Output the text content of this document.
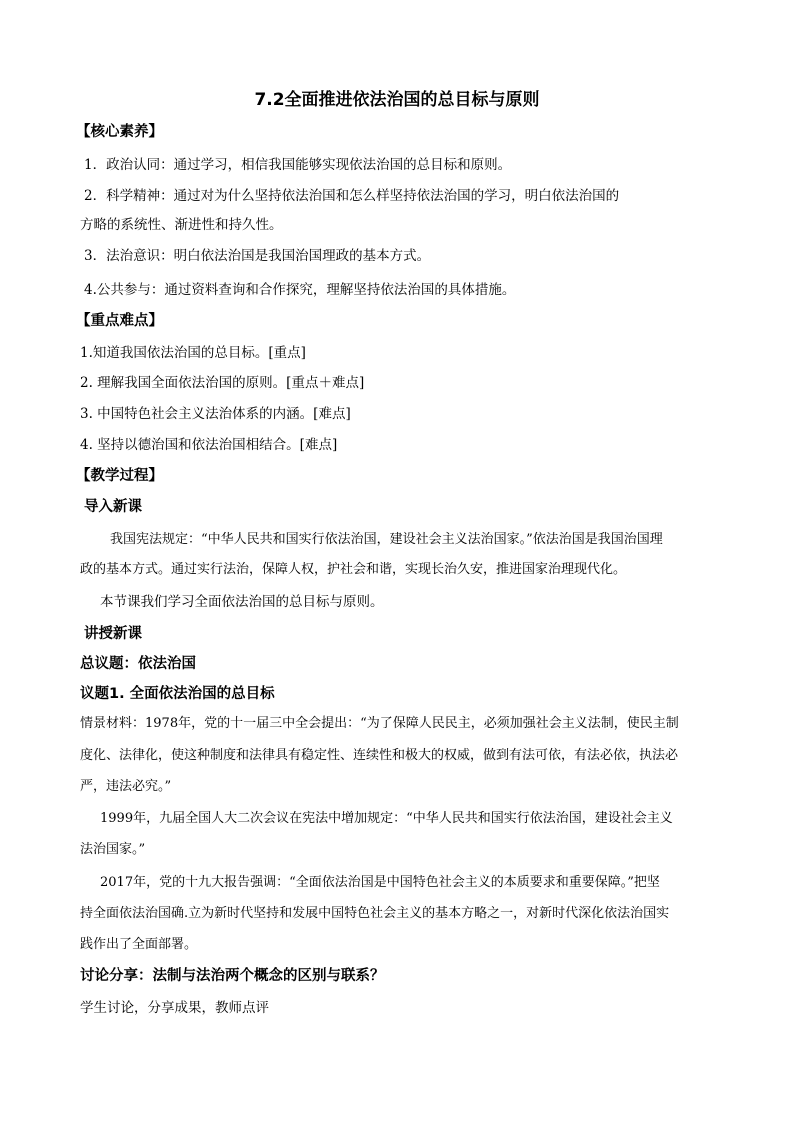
7.2全面推进依法治国的总目标与原则
【核心素养】
1．政治认同：通过学习，相信我国能够实现依法治国的总目标和原则。
2．科学精神：通过对为什么坚持依法治国和怎么样坚持依法治国的学习，明白依法治国的
方略的系统性、渐进性和持久性。
3．法治意识：明白依法治国是我国治国理政的基本方式。
4.公共参与：通过资料查询和合作探究，理解坚持依法治国的具体措施。
【重点难点】
1.知道我国依法治国的总目标。[重点]
2. 理解我国全面依法治国的原则。[重点＋难点]
3. 中国特色社会主义法治体系的内涵。[难点]
4. 坚持以德治国和依法治国相结合。[难点]
【教学过程】
导入新课
我国宪法规定：“中华人民共和国实行依法治国，建设社会主义法治国家。”依法治国是我国治国理
政的基本方式。通过实行法治，保障人权，护社会和谐，实现长治久安，推进国家治理现代化。
本节课我们学习全面依法治国的总目标与原则。
讲授新课
总议题：依法治国
议题1. 全面依法治国的总目标
情景材料：1978年，党的十一届三中全会提出：“为了保障人民民主，必须加强社会主义法制，使民主制
度化、法律化，使这种制度和法律具有稳定性、连续性和极大的权威，做到有法可依，有法必依，执法必
严，违法必究。”
1999年，九届全国人大二次会议在宪法中增加规定：“中华人民共和国实行依法治国，建设社会主义
法治国家。”
2017年，党的十九大报告强调：“全面依法治国是中国特色社会主义的本质要求和重要保障。”把坚
持全面依法治国确.立为新时代坚持和发展中国特色社会主义的基本方略之一，对新时代深化依法治国实
践作出了全面部署。
讨论分享：法制与法治两个概念的区别与联系？
学生讨论，分享成果，教师点评
